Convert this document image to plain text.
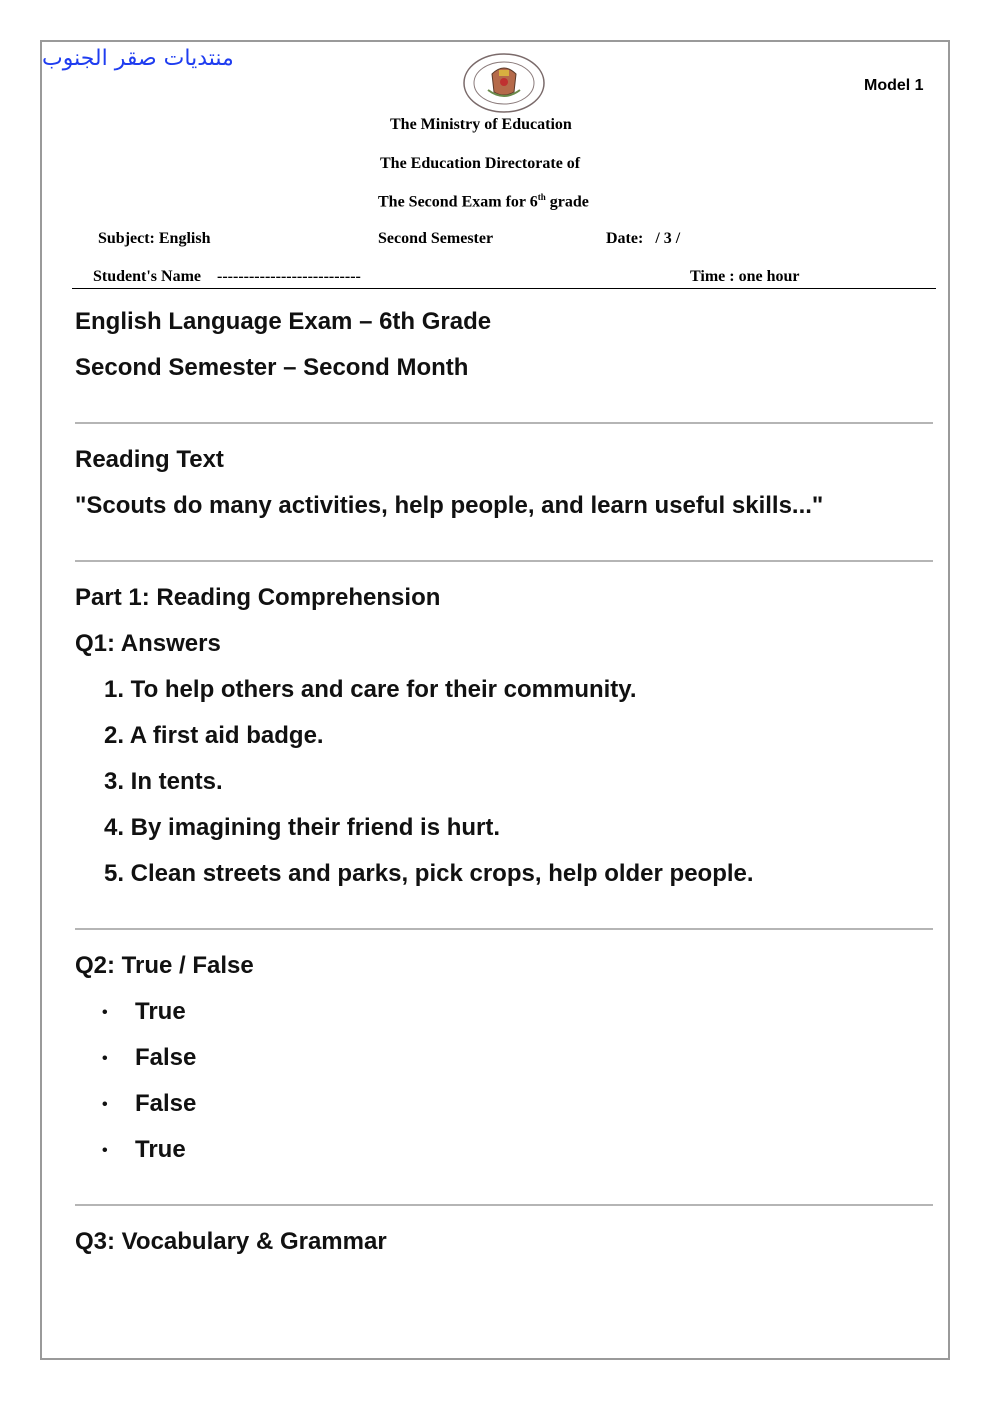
منتديات صقر الجنوب
Model 1
The Ministry of Education
The Education Directorate of
The Second Exam for 6th grade
Subject: English	Second Semester	Date:   / 3 /
Student's Name    ---------------------------	Time : one hour
English Language Exam – 6th Grade
Second Semester – Second Month
Reading Text
"Scouts do many activities, help people, and learn useful skills..."
Part 1: Reading Comprehension
Q1: Answers
1. To help others and care for their community.
2. A first aid badge.
3. In tents.
4. By imagining their friend is hurt.
5. Clean streets and parks, pick crops, help older people.
Q2: True / False
• True
• False
• False
• True
Q3: Vocabulary & Grammar
